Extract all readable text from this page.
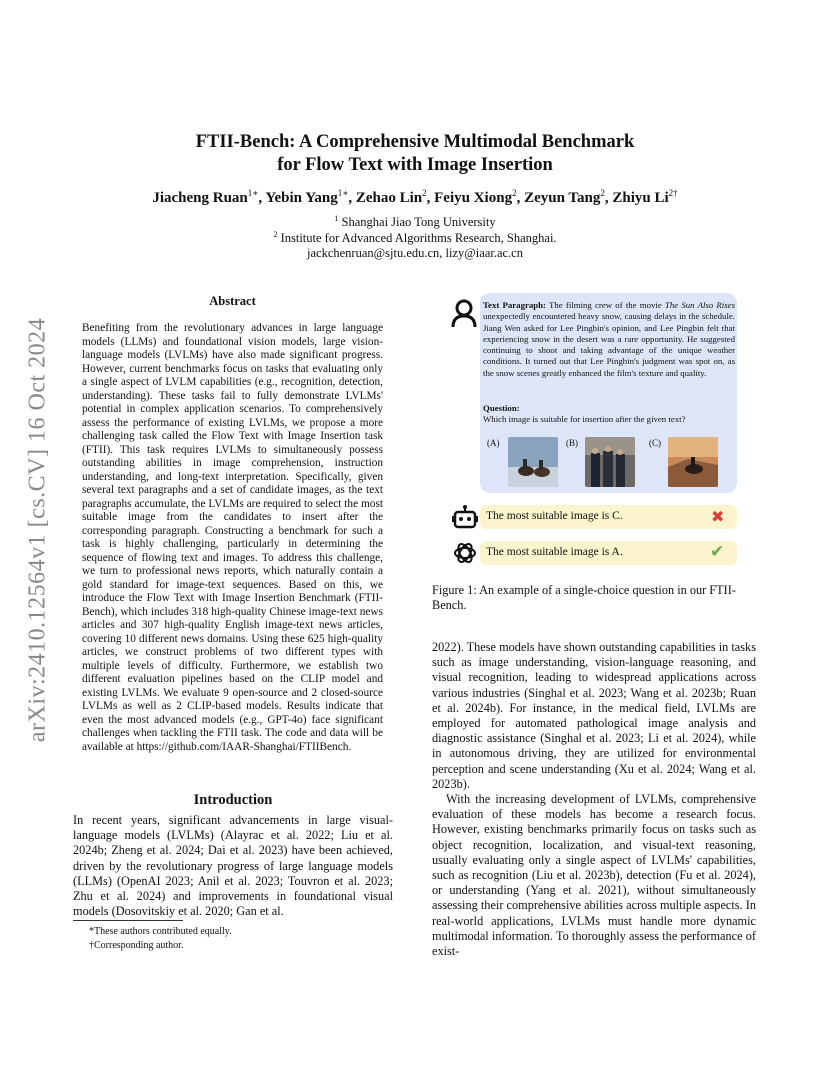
arXiv:2410.12564v1 [cs.CV] 16 Oct 2024
FTII-Bench: A Comprehensive Multimodal Benchmark
for Flow Text with Image Insertion
Jiacheng Ruan$^{1∗}$, Yebin Yang$^{1∗}$, Zehao Lin$^2$, Feiyu Xiong$^2$, Zeyun Tang$^2$, Zhiyu $Li^{2\dagger}$
$^1$ Shanghai Jiao Tong University
$^2$ Institute for Advanced Algorithms Research, Shanghai.
jackchenruan@sjtu.edu.cn, lizy@iaar.ac.cn
Abstract
Benefiting from the revolutionary advances in large language models (LLMs) and foundational vision models, large vision-language models (LVLMs) have also made significant progress. However, current benchmarks focus on tasks that evaluating only a single aspect of LVLM capabilities (e.g., recognition, detection, understanding). These tasks fail to fully demonstrate LVLMs' potential in complex application scenarios. To comprehensively assess the performance of existing LVLMs, we propose a more challenging task called the Flow Text with Image Insertion task (FTII). This task requires LVLMs to simultaneously possess outstanding abilities in image comprehension, instruction understanding, and long-text interpretation. Specifically, given several text paragraphs and a set of candidate images, as the text paragraphs accumulate, the LVLMs are required to select the most suitable image from the candidates to insert after the corresponding paragraph. Constructing a benchmark for such a task is highly challenging, particularly in determining the sequence of flowing text and images. To address this challenge, we turn to professional news reports, which naturally contain a gold standard for image-text sequences. Based on this, we introduce the Flow Text with Image Insertion Benchmark (FTII-Bench), which includes 318 high-quality Chinese image-text news articles and 307 high-quality English image-text news articles, covering 10 different news domains. Using these 625 high-quality articles, we construct problems of two different types with multiple levels of difficulty. Furthermore, we establish two different evaluation pipelines based on the CLIP model and existing LVLMs. We evaluate 9 open-source and 2 closed-source LVLMs as well as 2 CLIP-based models. Results indicate that even the most advanced models (e.g., GPT-4o) face significant challenges when tackling the FTII task. The code and data will be available at https://github.com/IAAR-Shanghai/FTIIBench.
Introduction
In recent years, significant advancements in large visual-language models (LVLMs) (Alayrac et al. 2022; Liu et al. 2024b; Zheng et al. 2024; Dai et al. 2023) have been achieved, driven by the revolutionary progress of large language models (LLMs) (OpenAI 2023; Anil et al. 2023; Touvron et al. 2023; Zhu et al. 2024) and improvements in foundational visual models (Dosovitskiy et al. 2020; Gan et al.
*These authors contributed equally.
†Corresponding author.
Text Paragraph: The filming crew of the movie The Sun Also Rises unexpectedly encountered heavy snow, causing delays in the schedule. Jiang Wen asked for Lee Pingbin's opinion, and Lee Pingbin felt that experiencing snow in the desert was a rare opportunity. He suggested continuing to shoot and taking advantage of the unique weather conditions. It turned out that Lee Pingbin's judgment was spot on, as the snow scenes greatly enhanced the film's texture and quality.
Question:
Which image is suitable for insertion after the given text?
(A)	(B)	(C)
The most suitable image is C.	✖
The most suitable image is A.	✔
Figure 1: An example of a single-choice question in our FTII-Bench.
2022). These models have shown outstanding capabilities in tasks such as image understanding, vision-language reasoning, and visual recognition, leading to widespread applications across various industries (Singhal et al. 2023; Wang et al. 2023b; Ruan et al. 2024b). For instance, in the medical field, LVLMs are employed for automated pathological image analysis and diagnostic assistance (Singhal et al. 2023; Li et al. 2024), while in autonomous driving, they are utilized for environmental perception and scene understanding (Xu et al. 2024; Wang et al. 2023b).
With the increasing development of LVLMs, comprehensive evaluation of these models has become a research focus. However, existing benchmarks primarily focus on tasks such as object recognition, localization, and visual-text reasoning, usually evaluating only a single aspect of LVLMs' capabilities, such as recognition (Liu et al. 2023b), detection (Fu et al. 2024), or understanding (Yang et al. 2021), without simultaneously assessing their comprehensive abilities across multiple aspects. In real-world applications, LVLMs must handle more dynamic multimodal information. To thoroughly assess the performance of exist-
